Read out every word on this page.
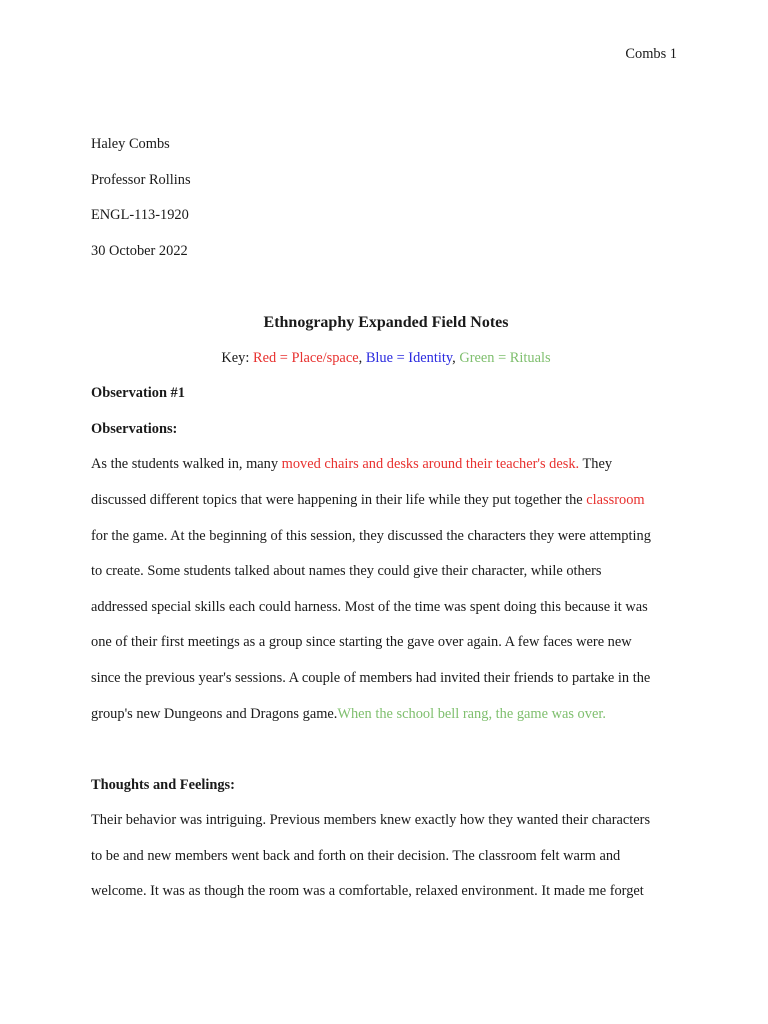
Combs 1
Haley Combs
Professor Rollins
ENGL-113-1920
30 October 2022
Ethnography Expanded Field Notes
Key: Red = Place/space, Blue = Identity, Green = Rituals
Observation #1
Observations:
As the students walked in, many moved chairs and desks around their teacher's desk. They
discussed different topics that were happening in their life while they put together the classroom
for the game. At the beginning of this session, they discussed the characters they were attempting
to create. Some students talked about names they could give their character, while others
addressed special skills each could harness. Most of the time was spent doing this because it was
one of their first meetings as a group since starting the gave over again. A few faces were new
since the previous year's sessions. A couple of members had invited their friends to partake in the
group's new Dungeons and Dragons game.When the school bell rang, the game was over.
Thoughts and Feelings:
Their behavior was intriguing. Previous members knew exactly how they wanted their characters
to be and new members went back and forth on their decision. The classroom felt warm and
welcome. It was as though the room was a comfortable, relaxed environment. It made me forget
